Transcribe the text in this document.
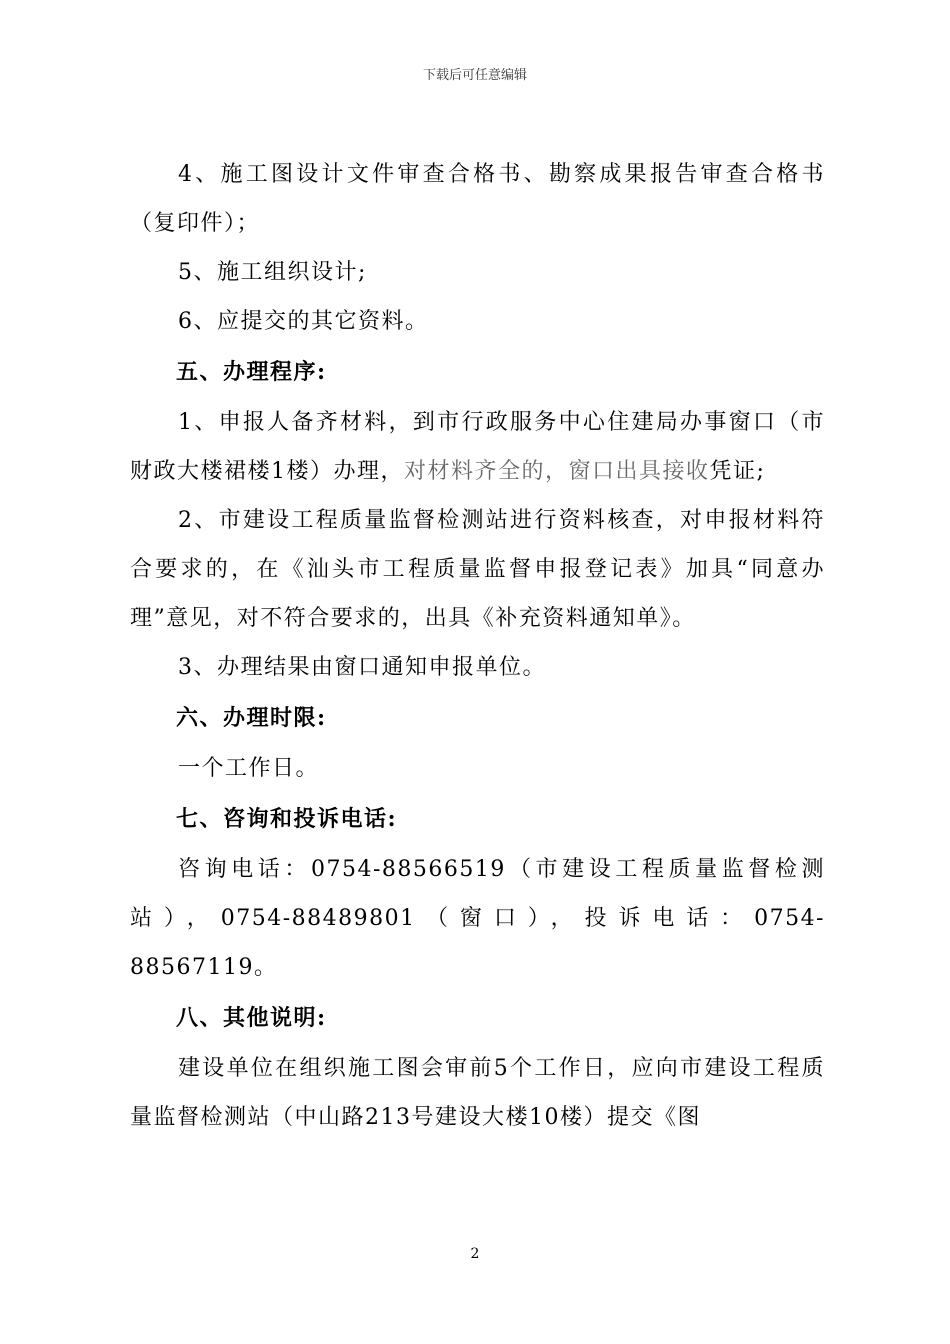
下载后可任意编辑

4、施工图设计文件审查合格书、勘察成果报告审查合格书（复印件）；

5、施工组织设计;

6、应提交的其它资料。

五、办理程序:

1、申报人备齐材料，到市行政服务中心住建局办事窗口（市财政大楼裙楼1楼）办理，对材料齐全的，窗口出具接收凭证;

2、市建设工程质量监督检测站进行资料核查，对申报材料符合要求的，在《汕头市工程质量监督申报登记表》加具“同意办理”意见，对不符合要求的，出具《补充资料通知单》。

3、办理结果由窗口通知申报单位。

六、办理时限:

一个工作日。

七、咨询和投诉电话:

咨询电话：0754-88566519（市建设工程质量监督检测站），0754-88489801（窗口），投诉电话：0754-88567119。

八、其他说明:

建设单位在组织施工图会审前5个工作日，应向市建设工程质量监督检测站（中山路213号建设大楼10楼）提交《图

2
